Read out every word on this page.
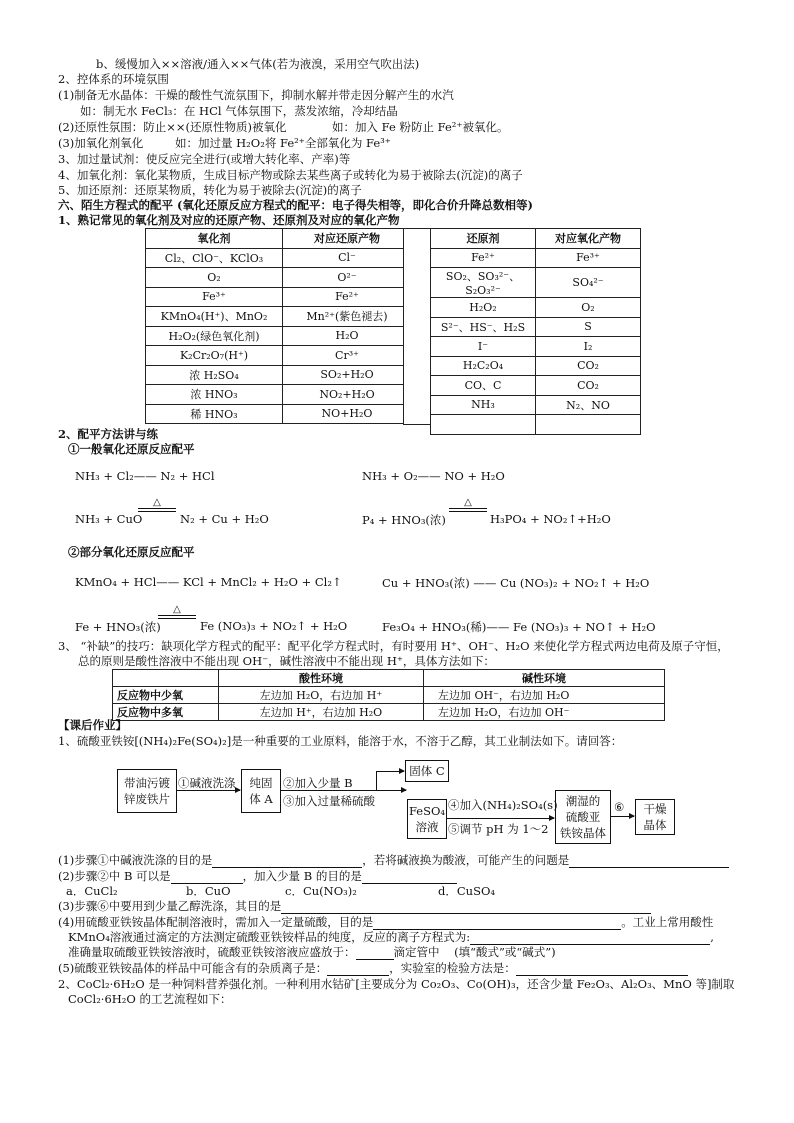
b、缓慢加入××溶液/通入××气体(若为液溴，采用空气吹出法)
2、控体系的环境氛围
(1)制备无水晶体：干燥的酸性气流氛围下，抑制水解并带走因分解产生的水汽
如：制无水 FeCl₃：在 HCl 气体氛围下，蒸发浓缩，冷却结晶
(2)还原性氛围：防止××(还原性物质)被氧化	如：加入 Fe 粉防止 Fe²⁺被氧化。
(3)加氧化剂氧化	如：加过量 H₂O₂将 Fe²⁺全部氧化为 Fe³⁺
3、加过量试剂：使反应完全进行(或增大转化率、产率)等
4、加氧化剂：氧化某物质，生成目标产物或除去某些离子或转化为易于被除去(沉淀)的离子
5、加还原剂：还原某物质，转化为易于被除去(沉淀)的离子
六、陌生方程式的配平 (氧化还原反应方程式的配平：电子得失相等，即化合价升降总数相等)
1、熟记常见的氧化剂及对应的还原产物、还原剂及对应的氧化产物
氧化剂	对应还原产物
Cl₂、ClO⁻、KClO₃	Cl⁻
O₂	O²⁻
Fe³⁺	Fe²⁺
KMnO₄(H⁺)、MnO₂	Mn²⁺(紫色褪去)
H₂O₂(绿色氧化剂)	H₂O
K₂Cr₂O₇(H⁺)	Cr³⁺
浓 H₂SO₄	SO₂+H₂O
浓 HNO₃	NO₂+H₂O
稀 HNO₃	NO+H₂O
还原剂	对应氧化产物
Fe²⁺	Fe³⁺
SO₂、SO₃²⁻、S₂O₃²⁻	SO₄²⁻
H₂O₂	O₂
S²⁻、HS⁻、H₂S	S
I⁻	I₂
H₂C₂O₄	CO₂
CO、C	CO₂
NH₃	N₂、NO

2、配平方法讲与练
①一般氧化还原反应配平
NH₃ + Cl₂—— N₂ + HCl	NH₃ + O₂—— NO + H₂O
NH₃ + CuO
△
N₂ + Cu + H₂O	P₄ + HNO₃(浓)
△
H₃PO₄ + NO₂↑+H₂O
②部分氧化还原反应配平
KMnO₄ + HCl—— KCl + MnCl₂ + H₂O + Cl₂↑	Cu + HNO₃(浓) —— Cu (NO₃)₂ + NO₂↑ + H₂O
Fe + HNO₃(浓)
△
Fe (NO₃)₃ + NO₂↑ + H₂O	Fe₃O₄ + HNO₃(稀)—— Fe (NO₃)₃ + NO↑ + H₂O
3、 “补缺”的技巧：缺项化学方程式的配平：配平化学方程式时，有时要用 H⁺、OH⁻、H₂O 来使化学方程式两边电荷及原子守恒，
总的原则是酸性溶液中不能出现 OH⁻，碱性溶液中不能出现 H⁺，具体方法如下：
	酸性环境	碱性环境
反应物中少氧	左边加 H₂O，右边加 H⁺	左边加 OH⁻，右边加 H₂O
反应物中多氧	左边加 H⁺，右边加 H₂O	左边加 H₂O，右边加 OH⁻
【课后作业】
1、硫酸亚铁铵[(NH₄)₂Fe(SO₄)₂]是一种重要的工业原料，能溶于水，不溶于乙醇，其工业制法如下。请回答：
带油污镀
锌废铁片
①碱液洗涤 纯固
体 A
②加入少量 B
③加入过量稀硫酸
固体 C
FeSO₄
溶液
④加入(NH₄)₂SO₄(s)
⑤调节 pH 为 1～2
潮湿的
硫酸亚
铁铵晶体
⑥ 干燥
晶体
(1)步骤①中碱液洗涤的目的是	，若将碱液换为酸液，可能产生的问题是
(2)步骤②中 B 可以是	，加入少量 B 的目的是
a．CuCl₂	b．CuO	c．Cu(NO₃)₂	d．CuSO₄
(3)步骤⑥中要用到少量乙醇洗涤，其目的是
(4)用硫酸亚铁铵晶体配制溶液时，需加入一定量硫酸，目的是	。工业上常用酸性
KMnO₄溶液通过滴定的方法测定硫酸亚铁铵样品的纯度，反应的离子方程式为:	,
准确量取硫酸亚铁铵溶液时，硫酸亚铁铵溶液应盛放于：	滴定管中 (填“酸式”或“碱式”)
(5)硫酸亚铁铵晶体的样品中可能含有的杂质离子是：	，实验室的检验方法是：
2、CoCl₂·6H₂O 是一种饲料营养强化剂。一种利用水钴矿[主要成分为 Co₂O₃、Co(OH)₃，还含少量 Fe₂O₃、Al₂O₃、MnO 等]制取
CoCl₂·6H₂O 的工艺流程如下：
